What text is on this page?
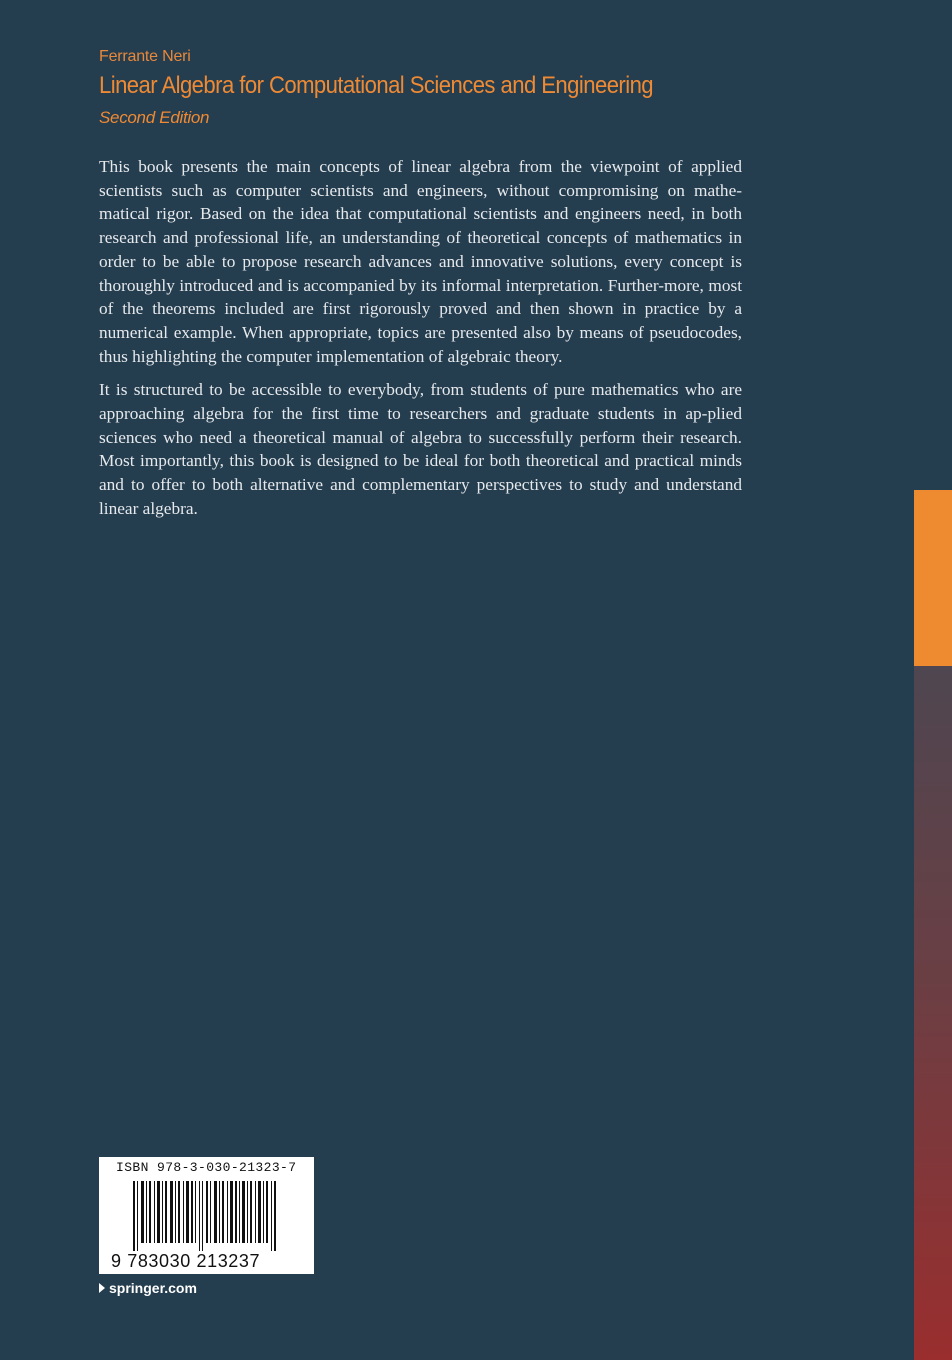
Ferrante Neri
Linear Algebra for Computational Sciences and Engineering
Second Edition

This book presents the main concepts of linear algebra from the viewpoint of applied scientists such as computer scientists and engineers, without compromising on mathe-matical rigor. Based on the idea that computational scientists and engineers need, in both research and professional life, an understanding of theoretical concepts of mathematics in order to be able to propose research advances and innovative solutions, every concept is thoroughly introduced and is accompanied by its informal interpretation. Further-more, most of the theorems included are first rigorously proved and then shown in practice by a numerical example. When appropriate, topics are presented also by means of pseudocodes, thus highlighting the computer implementation of algebraic theory.

It is structured to be accessible to everybody, from students of pure mathematics who are approaching algebra for the first time to researchers and graduate students in ap-plied sciences who need a theoretical manual of algebra to successfully perform their research. Most importantly, this book is designed to be ideal for both theoretical and practical minds and to offer to both alternative and complementary perspectives to study and understand linear algebra.

ISBN 978-3-030-21323-7
9 783030 213237
springer.com
